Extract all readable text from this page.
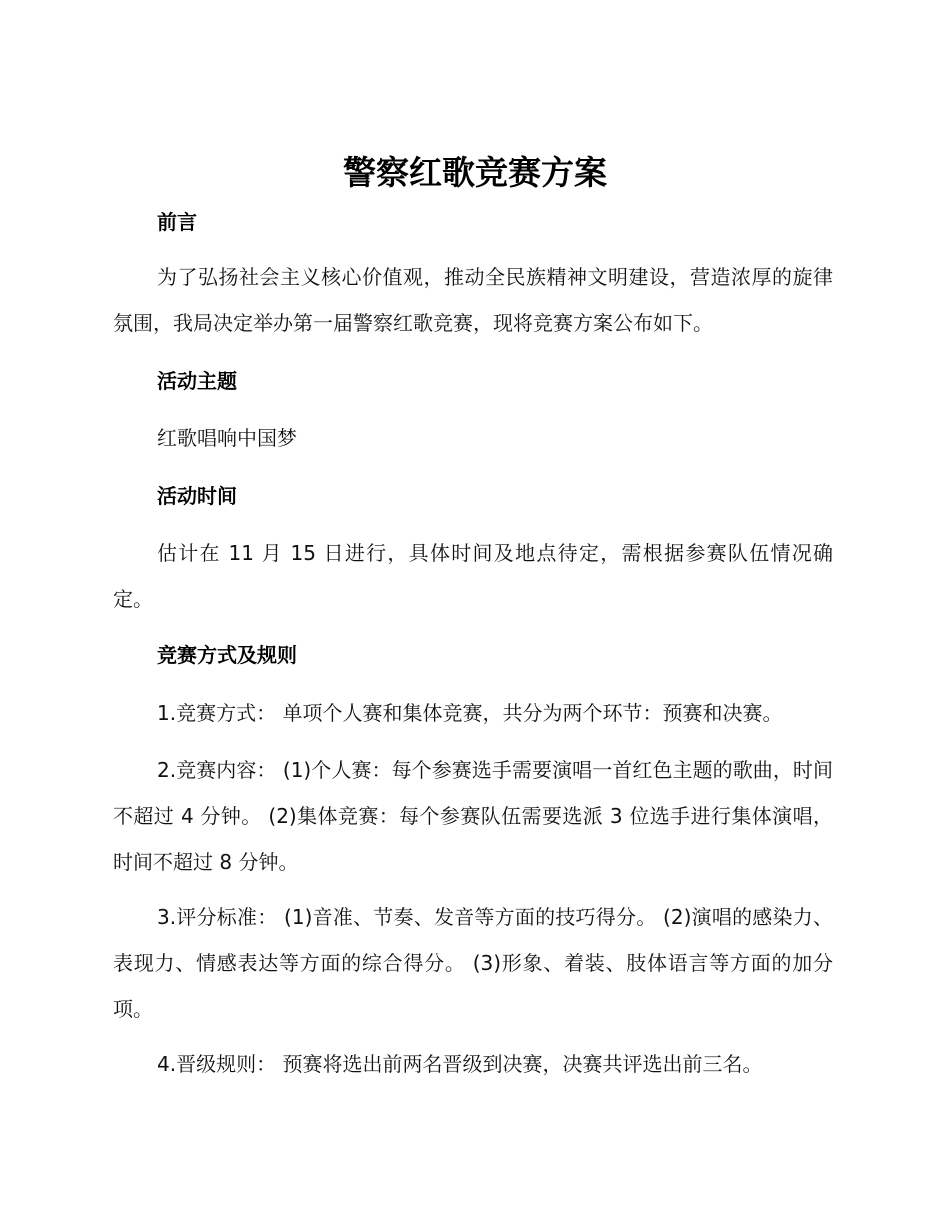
警察红歌竞赛方案
前言
为了弘扬社会主义核心价值观，推动全民族精神文明建设，营造浓厚的旋律氛围，我局决定举办第一届警察红歌竞赛，现将竞赛方案公布如下。
活动主题
红歌唱响中国梦
活动时间
估计在 11 月 15 日进行，具体时间及地点待定，需根据参赛队伍情况确定。
竞赛方式及规则
1.竞赛方式： 单项个人赛和集体竞赛，共分为两个环节：预赛和决赛。
2.竞赛内容： (1)个人赛：每个参赛选手需要演唱一首红色主题的歌曲，时间不超过 4 分钟。 (2)集体竞赛：每个参赛队伍需要选派 3 位选手进行集体演唱，时间不超过 8 分钟。
3.评分标准： (1)音准、节奏、发音等方面的技巧得分。 (2)演唱的感染力、表现力、情感表达等方面的综合得分。 (3)形象、着装、肢体语言等方面的加分项。
4.晋级规则： 预赛将选出前两名晋级到决赛，决赛共评选出前三名。
